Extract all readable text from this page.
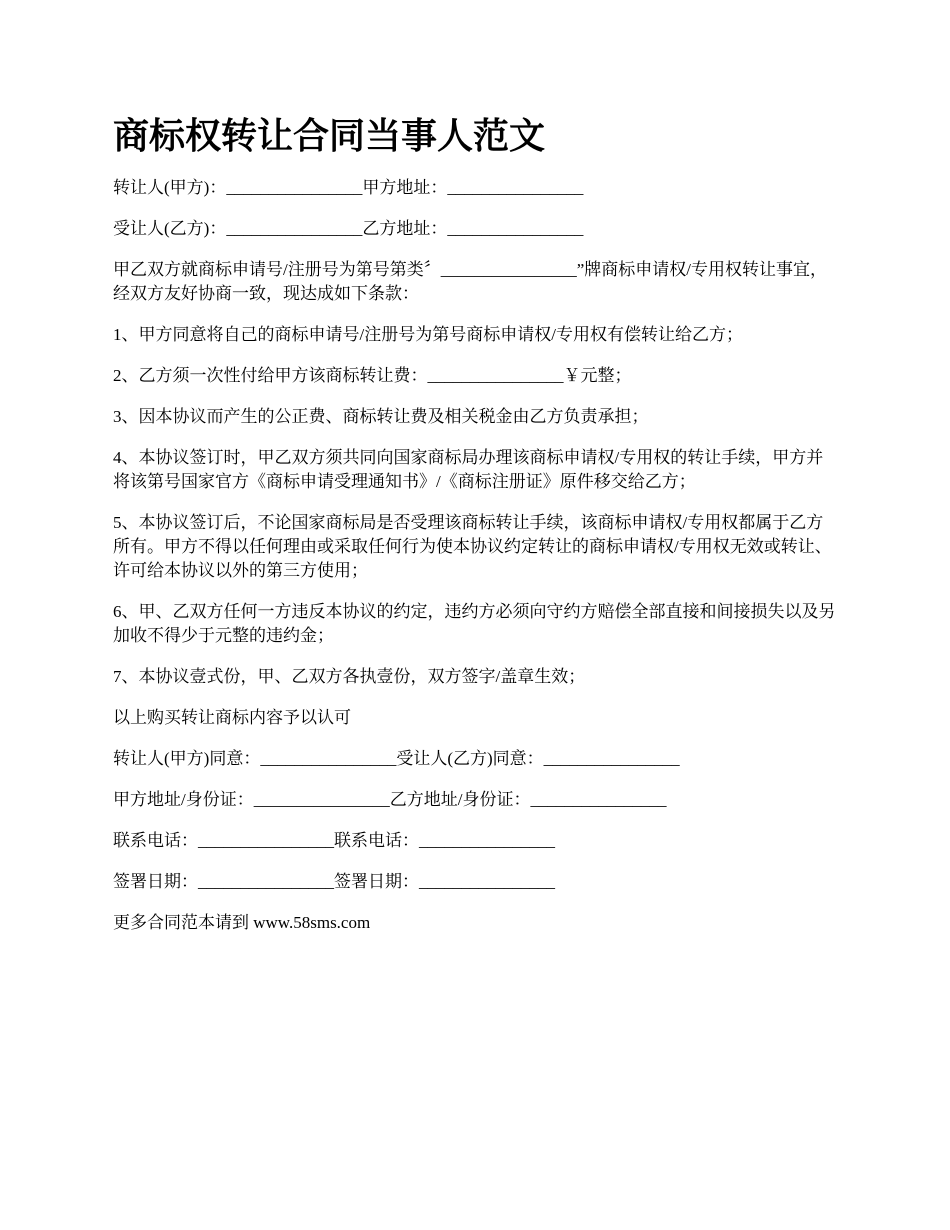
商标权转让合同当事人范文

转让人(甲方)：________________甲方地址：________________

受让人(乙方)：________________乙方地址：________________

甲乙双方就商标申请号/注册号为第号第类〞________________”牌商标申请权/专用权转让事宜，经双方友好协商一致，现达成如下条款：

1、甲方同意将自己的商标申请号/注册号为第号商标申请权/专用权有偿转让给乙方；

2、乙方须一次性付给甲方该商标转让费：________________￥元整；

3、因本协议而产生的公正费、商标转让费及相关税金由乙方负责承担；

4、本协议签订时，甲乙双方须共同向国家商标局办理该商标申请权/专用权的转让手续，甲方并将该第号国家官方《商标申请受理通知书》/《商标注册证》原件移交给乙方；

5、本协议签订后，不论国家商标局是否受理该商标转让手续，该商标申请权/专用权都属于乙方所有。甲方不得以任何理由或采取任何行为使本协议约定转让的商标申请权/专用权无效或转让、许可给本协议以外的第三方使用；

6、甲、乙双方任何一方违反本协议的约定，违约方必须向守约方赔偿全部直接和间接损失以及另加收不得少于元整的违约金；

7、本协议壹式份，甲、乙双方各执壹份，双方签字/盖章生效；

以上购买转让商标内容予以认可

转让人(甲方)同意：________________受让人(乙方)同意：________________

甲方地址/身份证：________________乙方地址/身份证：________________

联系电话：________________联系电话：________________

签署日期：________________签署日期：________________

更多合同范本请到 www.58sms.com
